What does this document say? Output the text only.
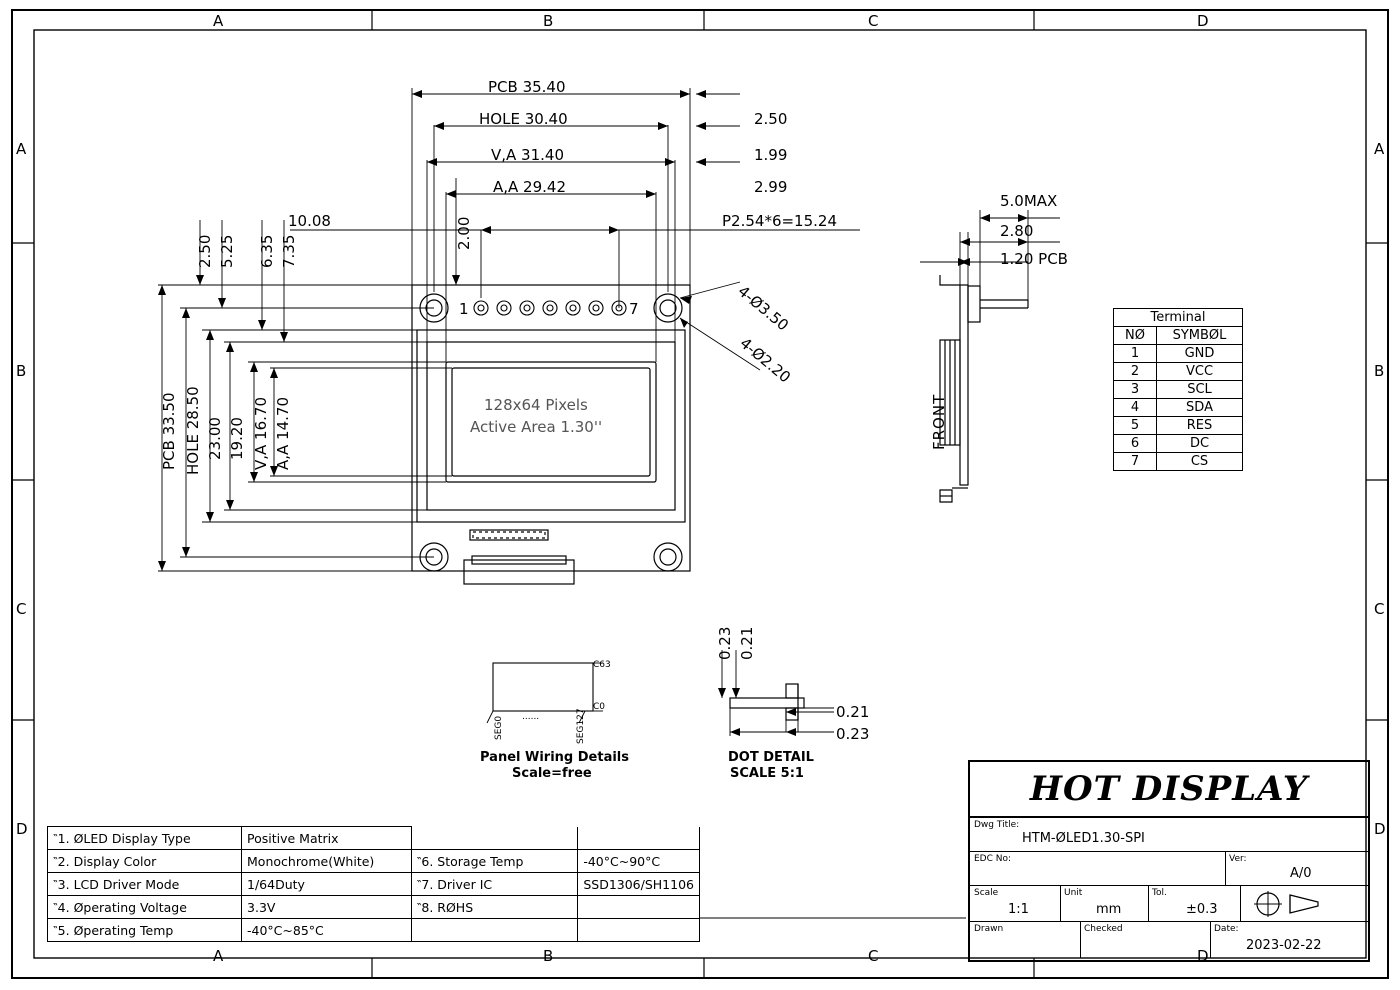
A	B	C	D
A	B	C	D
A
B
C
D
A
B
C
D
PCB 35.40
HOLE 30.40
V,A 31.40
A,A 29.42
2.50
1.99
2.99
P2.54*6=15.24
10.08	2.00
2.50 5.25 6.35 7.35
PCB 33.50 HOLE 28.50 23.00 19.20 V,A 16.70 A,A 14.70
1	7	4-Ø3.50
4-Ø2.20
128x64 Pixels
Active Area 1.30''
5.0MAX
2.80
1.20 PCB
FRONT
Terminal	
NØ	SYMBØL
1	GND
2	VCC
3	SCL
4	SDA
5	RES
6	DC
7	CS
SEG0 ......	SEG127
C63
C0
Panel Wiring Details
Scale=free
0.23 0.21
0.21
0.23
DOT DETAIL
SCALE 5:1
‶1. ØLED Display Type	Positive Matrix		
‶2. Display Color	Monochrome(White)	‶6. Storage Temp	-40°C~90°C
‶3. LCD Driver Mode	1/64Duty	‶7. Driver IC	SSD1306/SH1106
‶4. Øperating Voltage	3.3V	‶8. RØHS	
‶5. Øperating Temp	-40°C~85°C		
HOT DISPLAY
Dwg Title:
HTM-ØLED1.30-SPI
EDC No:	Ver:
A/0
Scale
1:1
Unit
mm
Tol.
±0.3
Drawn	Checked	Date:
2023-02-22
